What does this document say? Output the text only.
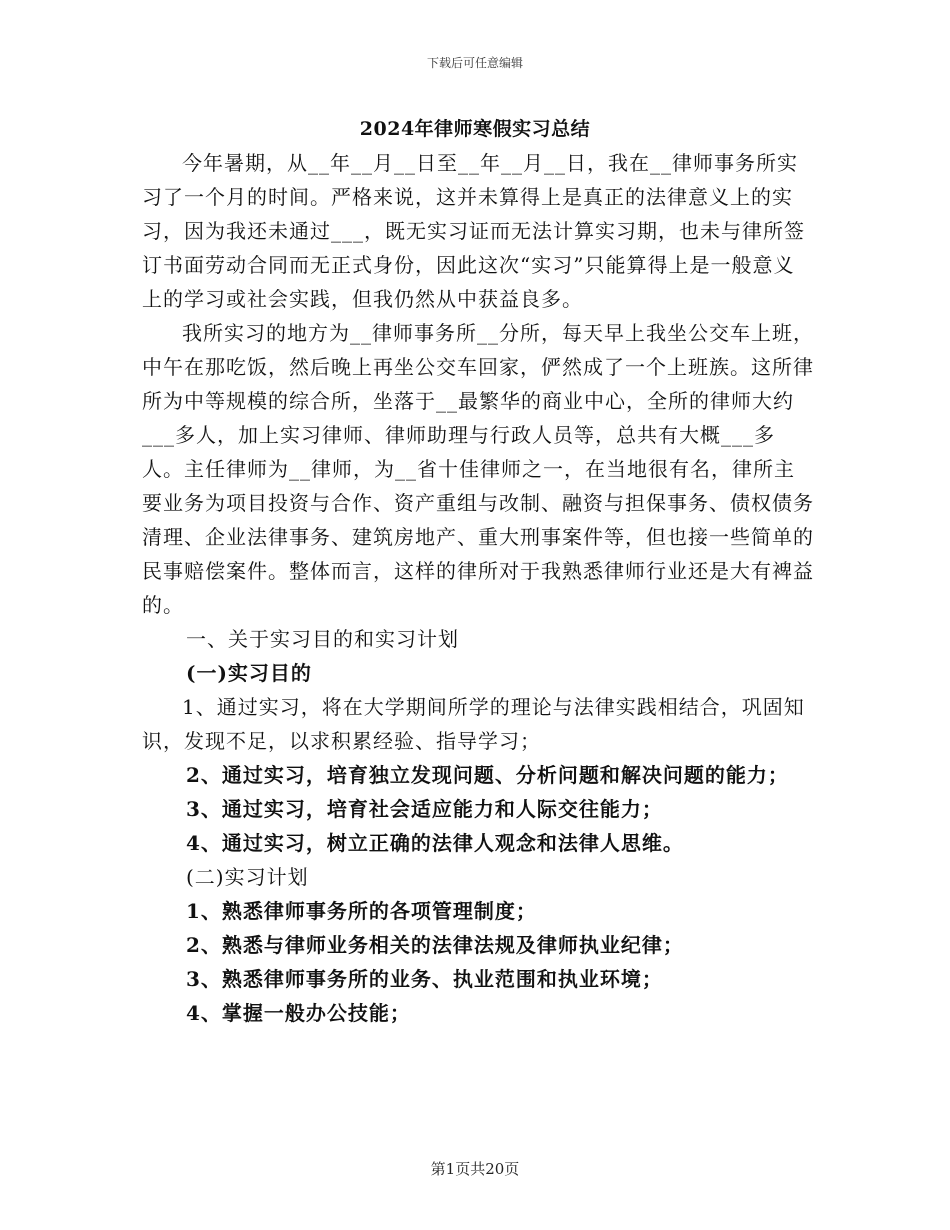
下载后可任意编辑
2024年律师寒假实习总结

今年暑期，从__年__月__日至__年__月__日，我在__律师事务所实习了一个月的时间。严格来说，这并未算得上是真正的法律意义上的实习，因为我还未通过___，既无实习证而无法计算实习期，也未与律所签订书面劳动合同而无正式身份，因此这次“实习”只能算得上是一般意义上的学习或社会实践，但我仍然从中获益良多。

我所实习的地方为__律师事务所__分所，每天早上我坐公交车上班，中午在那吃饭，然后晚上再坐公交车回家，俨然成了一个上班族。这所律所为中等规模的综合所，坐落于__最繁华的商业中心，全所的律师大约___多人，加上实习律师、律师助理与行政人员等，总共有大概___多人。主任律师为__律师，为__省十佳律师之一，在当地很有名，律所主要业务为项目投资与合作、资产重组与改制、融资与担保事务、债权债务清理、企业法律事务、建筑房地产、重大刑事案件等，但也接一些简单的民事赔偿案件。整体而言，这样的律所对于我熟悉律师行业还是大有裨益的。

一、关于实习目的和实习计划

(一)实习目的

1、通过实习，将在大学期间所学的理论与法律实践相结合，巩固知识，发现不足，以求积累经验、指导学习；

2、通过实习，培育独立发现问题、分析问题和解决问题的能力；

3、通过实习，培育社会适应能力和人际交往能力；

4、通过实习，树立正确的法律人观念和法律人思维。

(二)实习计划

1、熟悉律师事务所的各项管理制度；

2、熟悉与律师业务相关的法律法规及律师执业纪律；

3、熟悉律师事务所的业务、执业范围和执业环境；

4、掌握一般办公技能；

第1页共20页
